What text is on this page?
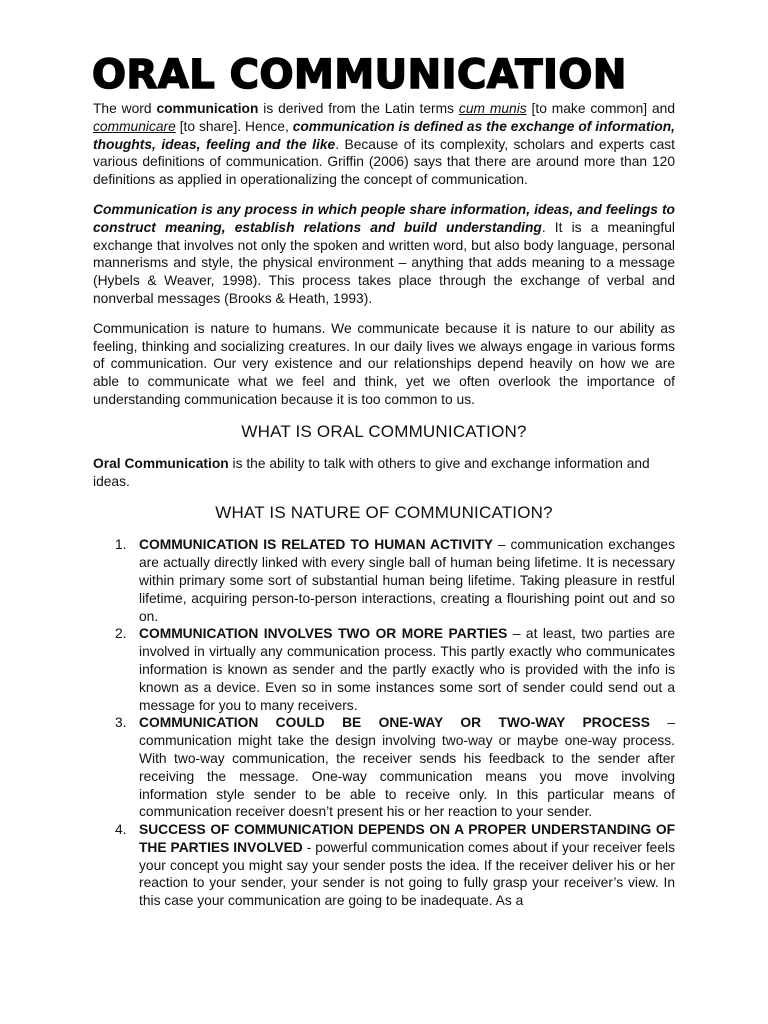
ORAL COMMUNICATION

The word communication is derived from the Latin terms cum munis [to make common] and communicare [to share]. Hence, communication is defined as the exchange of information, thoughts, ideas, feeling and the like. Because of its complexity, scholars and experts cast various definitions of communication. Griffin (2006) says that there are around more than 120 definitions as applied in operationalizing the concept of communication.

Communication is any process in which people share information, ideas, and feelings to construct meaning, establish relations and build understanding. It is a meaningful exchange that involves not only the spoken and written word, but also body language, personal mannerisms and style, the physical environment – anything that adds meaning to a message (Hybels & Weaver, 1998). This process takes place through the exchange of verbal and nonverbal messages (Brooks & Heath, 1993).

Communication is nature to humans. We communicate because it is nature to our ability as feeling, thinking and socializing creatures. In our daily lives we always engage in various forms of communication. Our very existence and our relationships depend heavily on how we are able to communicate what we feel and think, yet we often overlook the importance of understanding communication because it is too common to us.

WHAT IS ORAL COMMUNICATION?

Oral Communication is the ability to talk with others to give and exchange information and ideas.

WHAT IS NATURE OF COMMUNICATION?
1. COMMUNICATION IS RELATED TO HUMAN ACTIVITY – communication exchanges are actually directly linked with every single ball of human being lifetime. It is necessary within primary some sort of substantial human being lifetime. Taking pleasure in restful lifetime, acquiring person-to-person interactions, creating a flourishing point out and so on.
2. COMMUNICATION INVOLVES TWO OR MORE PARTIES – at least, two parties are involved in virtually any communication process. This partly exactly who communicates information is known as sender and the partly exactly who is provided with the info is known as a device. Even so in some instances some sort of sender could send out a message for you to many receivers.
3. COMMUNICATION COULD BE ONE-WAY OR TWO-WAY PROCESS – communication might take the design involving two-way or maybe one-way process. With two-way communication, the receiver sends his feedback to the sender after receiving the message. One-way communication means you move involving information style sender to be able to receive only. In this particular means of communication receiver doesn’t present his or her reaction to your sender.
4. SUCCESS OF COMMUNICATION DEPENDS ON A PROPER UNDERSTANDING OF THE PARTIES INVOLVED - powerful communication comes about if your receiver feels your concept you might say your sender posts the idea. If the receiver deliver his or her reaction to your sender, your sender is not going to fully grasp your receiver’s view. In this case your communication are going to be inadequate. As a
